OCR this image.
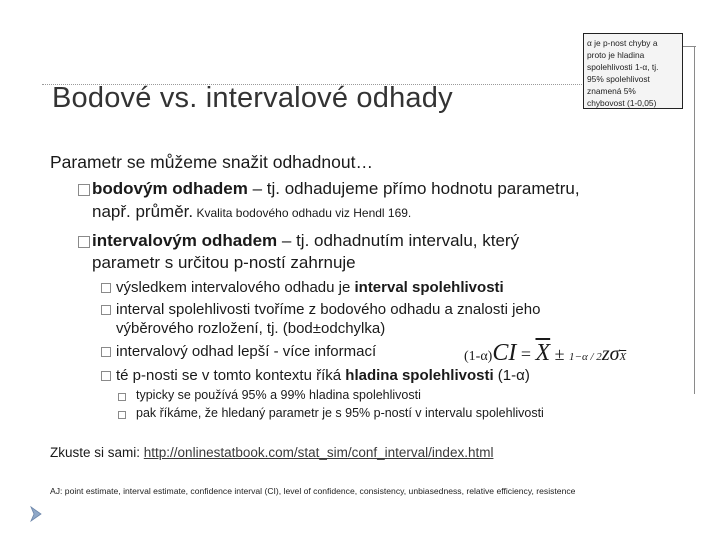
Bodové vs. intervalové odhady
α je p-nost chyby a
proto je hladina
spolehlivosti 1-α, tj.
95% spolehlivost
znamená 5%
chybovost (1-0,05)
Parametr se můžeme snažit odhadnout…
bodovým odhadem – tj. odhadujeme přímo hodnotu parametru,
např. průměr. Kvalita bodového odhadu viz Hendl 169.
intervalovým odhadem – tj. odhadnutím intervalu, který
parametr s určitou p-ností zahrnuje
výsledkem intervalového odhadu je interval spolehlivosti
interval spolehlivosti tvoříme z bodového odhadu a znalosti jeho
výběrového rozložení, tj. (bod±odchylka)
intervalový odhad lepší - více informací
té p-nosti se v tomto kontextu říká hladina spolehlivosti (1-α)
typicky se používá 95% a 99% hladina spolehlivosti
pak říkáme, že hledaný parametr je s 95% p-ností v intervalu spolehlivosti
$(1-\alpha)CI = \overline{X} \pm 1-\alpha / 2z\sigma\overline{X}$
Zkuste si sami: http://onlinestatbook.com/stat_sim/conf_interval/index.html
AJ: point estimate, interval estimate, confidence interval (CI), level of confidence, consistency, unbiasedness, relative efficiency, resistence
